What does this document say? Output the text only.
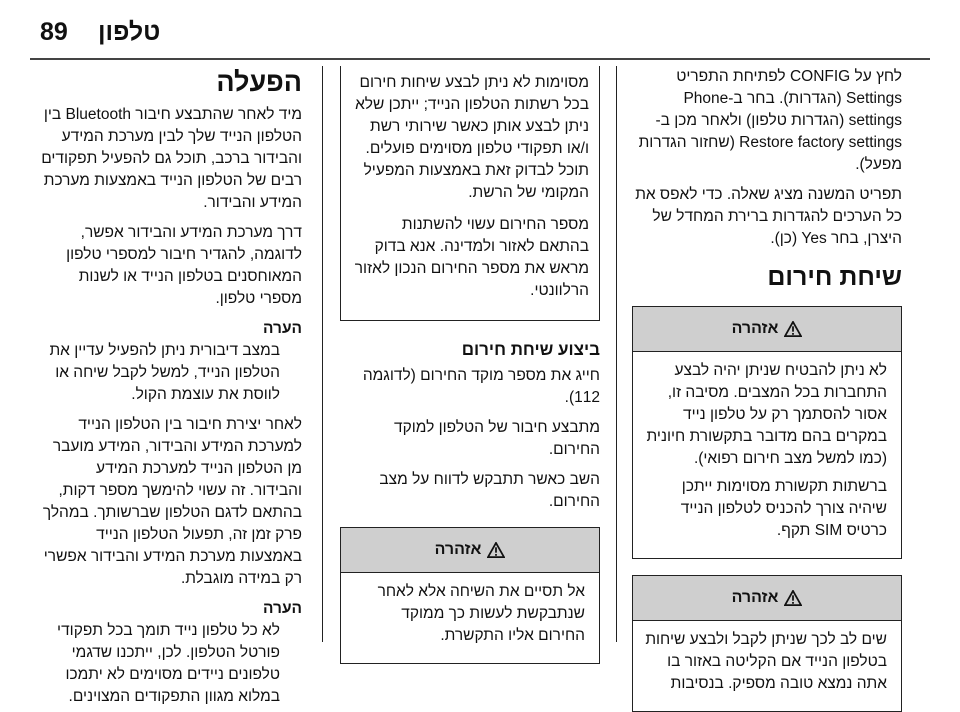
89 טלפון

לחץ על CONFIG לפתיחת התפריט Settings (הגדרות). בחר ב-Phone settings (הגדרות טלפון) ולאחר מכן ב-Restore factory settings (שחזור הגדרות מפעל).

תפריט המשנה מציג שאלה. כדי לאפס את כל הערכים להגדרות ברירת המחדל של היצרן, בחר Yes (כן).

שיחת חירום
אזהרה

לא ניתן להבטיח שניתן יהיה לבצע התחברות בכל המצבים. מסיבה זו, אסור להסתמך רק על טלפון נייד במקרים בהם מדובר בתקשורת חיונית (כמו למשל מצב חירום רפואי).

ברשתות תקשורת מסוימות ייתכן שיהיה צורך להכניס לטלפון הנייד כרטיס SIM תקף.

אזהרה

שים לב לכך שניתן לקבל ולבצע שיחות בטלפון הנייד אם הקליטה באזור בו אתה נמצא טובה מספיק. בנסיבות

מסוימות לא ניתן לבצע שיחות חירום בכל רשתות הטלפון הנייד; ייתכן שלא ניתן לבצע אותן כאשר שירותי רשת ו/או תפקודי טלפון מסוימים פועלים. תוכל לבדוק זאת באמצעות המפעיל המקומי של הרשת.

מספר החירום עשוי להשתנות בהתאם לאזור ולמדינה. אנא בדוק מראש את מספר החירום הנכון לאזור הרלוונטי.

ביצוע שיחת חירום

חייג את מספר מוקד החירום (לדוגמה 112).

מתבצע חיבור של הטלפון למוקד החירום.

השב כאשר תתבקש לדווח על מצב החירום.

אזהרה

אל תסיים את השיחה אלא לאחר שנתבקשת לעשות כך ממוקד החירום אליו התקשרת.

הפעלה

מיד לאחר שהתבצע חיבור Bluetooth בין הטלפון הנייד שלך לבין מערכת המידע והבידור ברכב, תוכל גם להפעיל תפקודים רבים של הטלפון הנייד באמצעות מערכת המידע והבידור.

דרך מערכת המידע והבידור אפשר, לדוגמה, להגדיר חיבור למספרי טלפון המאוחסנים בטלפון הנייד או לשנות מספרי טלפון.

הערה

במצב דיבורית ניתן להפעיל עדיין את הטלפון הנייד, למשל לקבל שיחה או לווסת את עוצמת הקול.

לאחר יצירת חיבור בין הטלפון הנייד למערכת המידע והבידור, המידע מועבר מן הטלפון הנייד למערכת המידע והבידור. זה עשוי להימשך מספר דקות, בהתאם לדגם הטלפון שברשותך. במהלך פרק זמן זה, תפעול הטלפון הנייד באמצעות מערכת המידע והבידור אפשרי רק במידה מוגבלת.

הערה

לא כל טלפון נייד תומך בכל תפקודי פורטל הטלפון. לכן, ייתכנו שדגמי טלפונים ניידים מסוימים לא יתמכו במלוא מגוון התפקודים המצוינים.
